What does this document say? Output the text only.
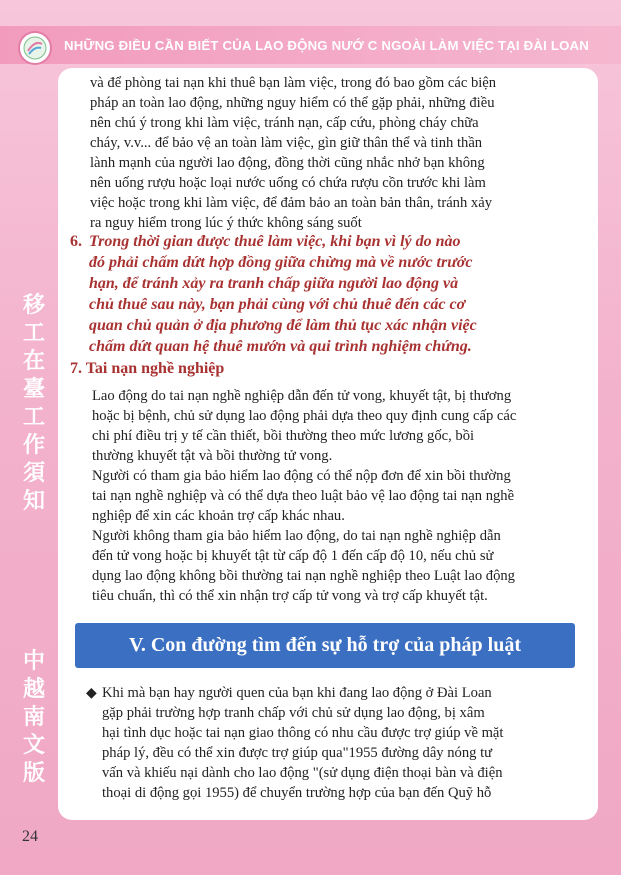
NHỮNG ĐIỀU CẦN BIẾT CỦA LAO ĐỘNG NƯỚ C NGOÀI LÀM VIỆC TẠI ĐÀI LOAN
移
工
在
臺
工
作
須
知
中
越
南
文
版
và để phòng tai nạn khi thuê bạn làm việc, trong đó bao gồm các biện
pháp an toàn lao động, những nguy hiểm có thể gặp phải, những điều
nên chú ý trong khi làm việc, tránh nạn, cấp cứu, phòng cháy chữa
cháy, v.v... để bảo vệ an toàn làm việc, gìn giữ thân thể và tinh thần
lành mạnh của người lao động, đồng thời cũng nhắc nhở bạn không
nên uống rượu hoặc loại nước uống có chứa rượu cồn trước khi làm
việc hoặc trong khi làm việc, để đảm bảo an toàn bản thân, tránh xảy
ra nguy hiểm trong lúc ý thức không sáng suốt
6. Trong thời gian được thuê làm việc, khi bạn vì lý do nào
đó phải chấm dứt hợp đồng giữa chừng mà về nước trước
hạn, để tránh xảy ra tranh chấp giữa người lao động và
chủ thuê sau này, bạn phải cùng với chủ thuê đến các cơ
quan chủ quản ở địa phương để làm thủ tục xác nhận việc
chấm dứt quan hệ thuê mướn và qui trình nghiệm chứng.
7. Tai nạn nghề nghiệp
Lao động do tai nạn nghề nghiệp dẫn đến tử vong, khuyết tật, bị thương
hoặc bị bệnh, chủ sử dụng lao động phải dựa theo quy định cung cấp các
chi phí điều trị y tế cần thiết, bồi thường theo mức lương gốc, bồi
thường khuyết tật và bồi thường tử vong.
Người có tham gia bảo hiểm lao động có thể nộp đơn để xin bồi thường
tai nạn nghề nghiệp và có thể dựa theo luật bảo vệ lao động tai nạn nghề
nghiệp để xin các khoản trợ cấp khác nhau.
Người không tham gia bảo hiểm lao động, do tai nạn nghề nghiệp dẫn
đến tử vong hoặc bị khuyết tật từ cấp độ 1 đến cấp độ 10, nếu chủ sử
dụng lao động không bồi thường tai nạn nghề nghiệp theo Luật lao động
tiêu chuẩn, thì có thể xin nhận trợ cấp tử vong và trợ cấp khuyết tật.
V. Con đường tìm đến sự hỗ trợ của pháp luật
◆ Khi mà bạn hay người quen của bạn khi đang lao động ở Đài Loan
gặp phải trường hợp tranh chấp với chủ sử dụng lao động, bị xâm
hại tình dục hoặc tai nạn giao thông có nhu cầu được trợ giúp về mặt
pháp lý, đều có thể xin được trợ giúp qua"1955 đường dây nóng tư
vấn và khiếu nại dành cho lao động "(sử dụng điện thoại bàn và điện
thoại di động gọi 1955) để chuyển trường hợp của bạn đến Quỹ hỗ
24
